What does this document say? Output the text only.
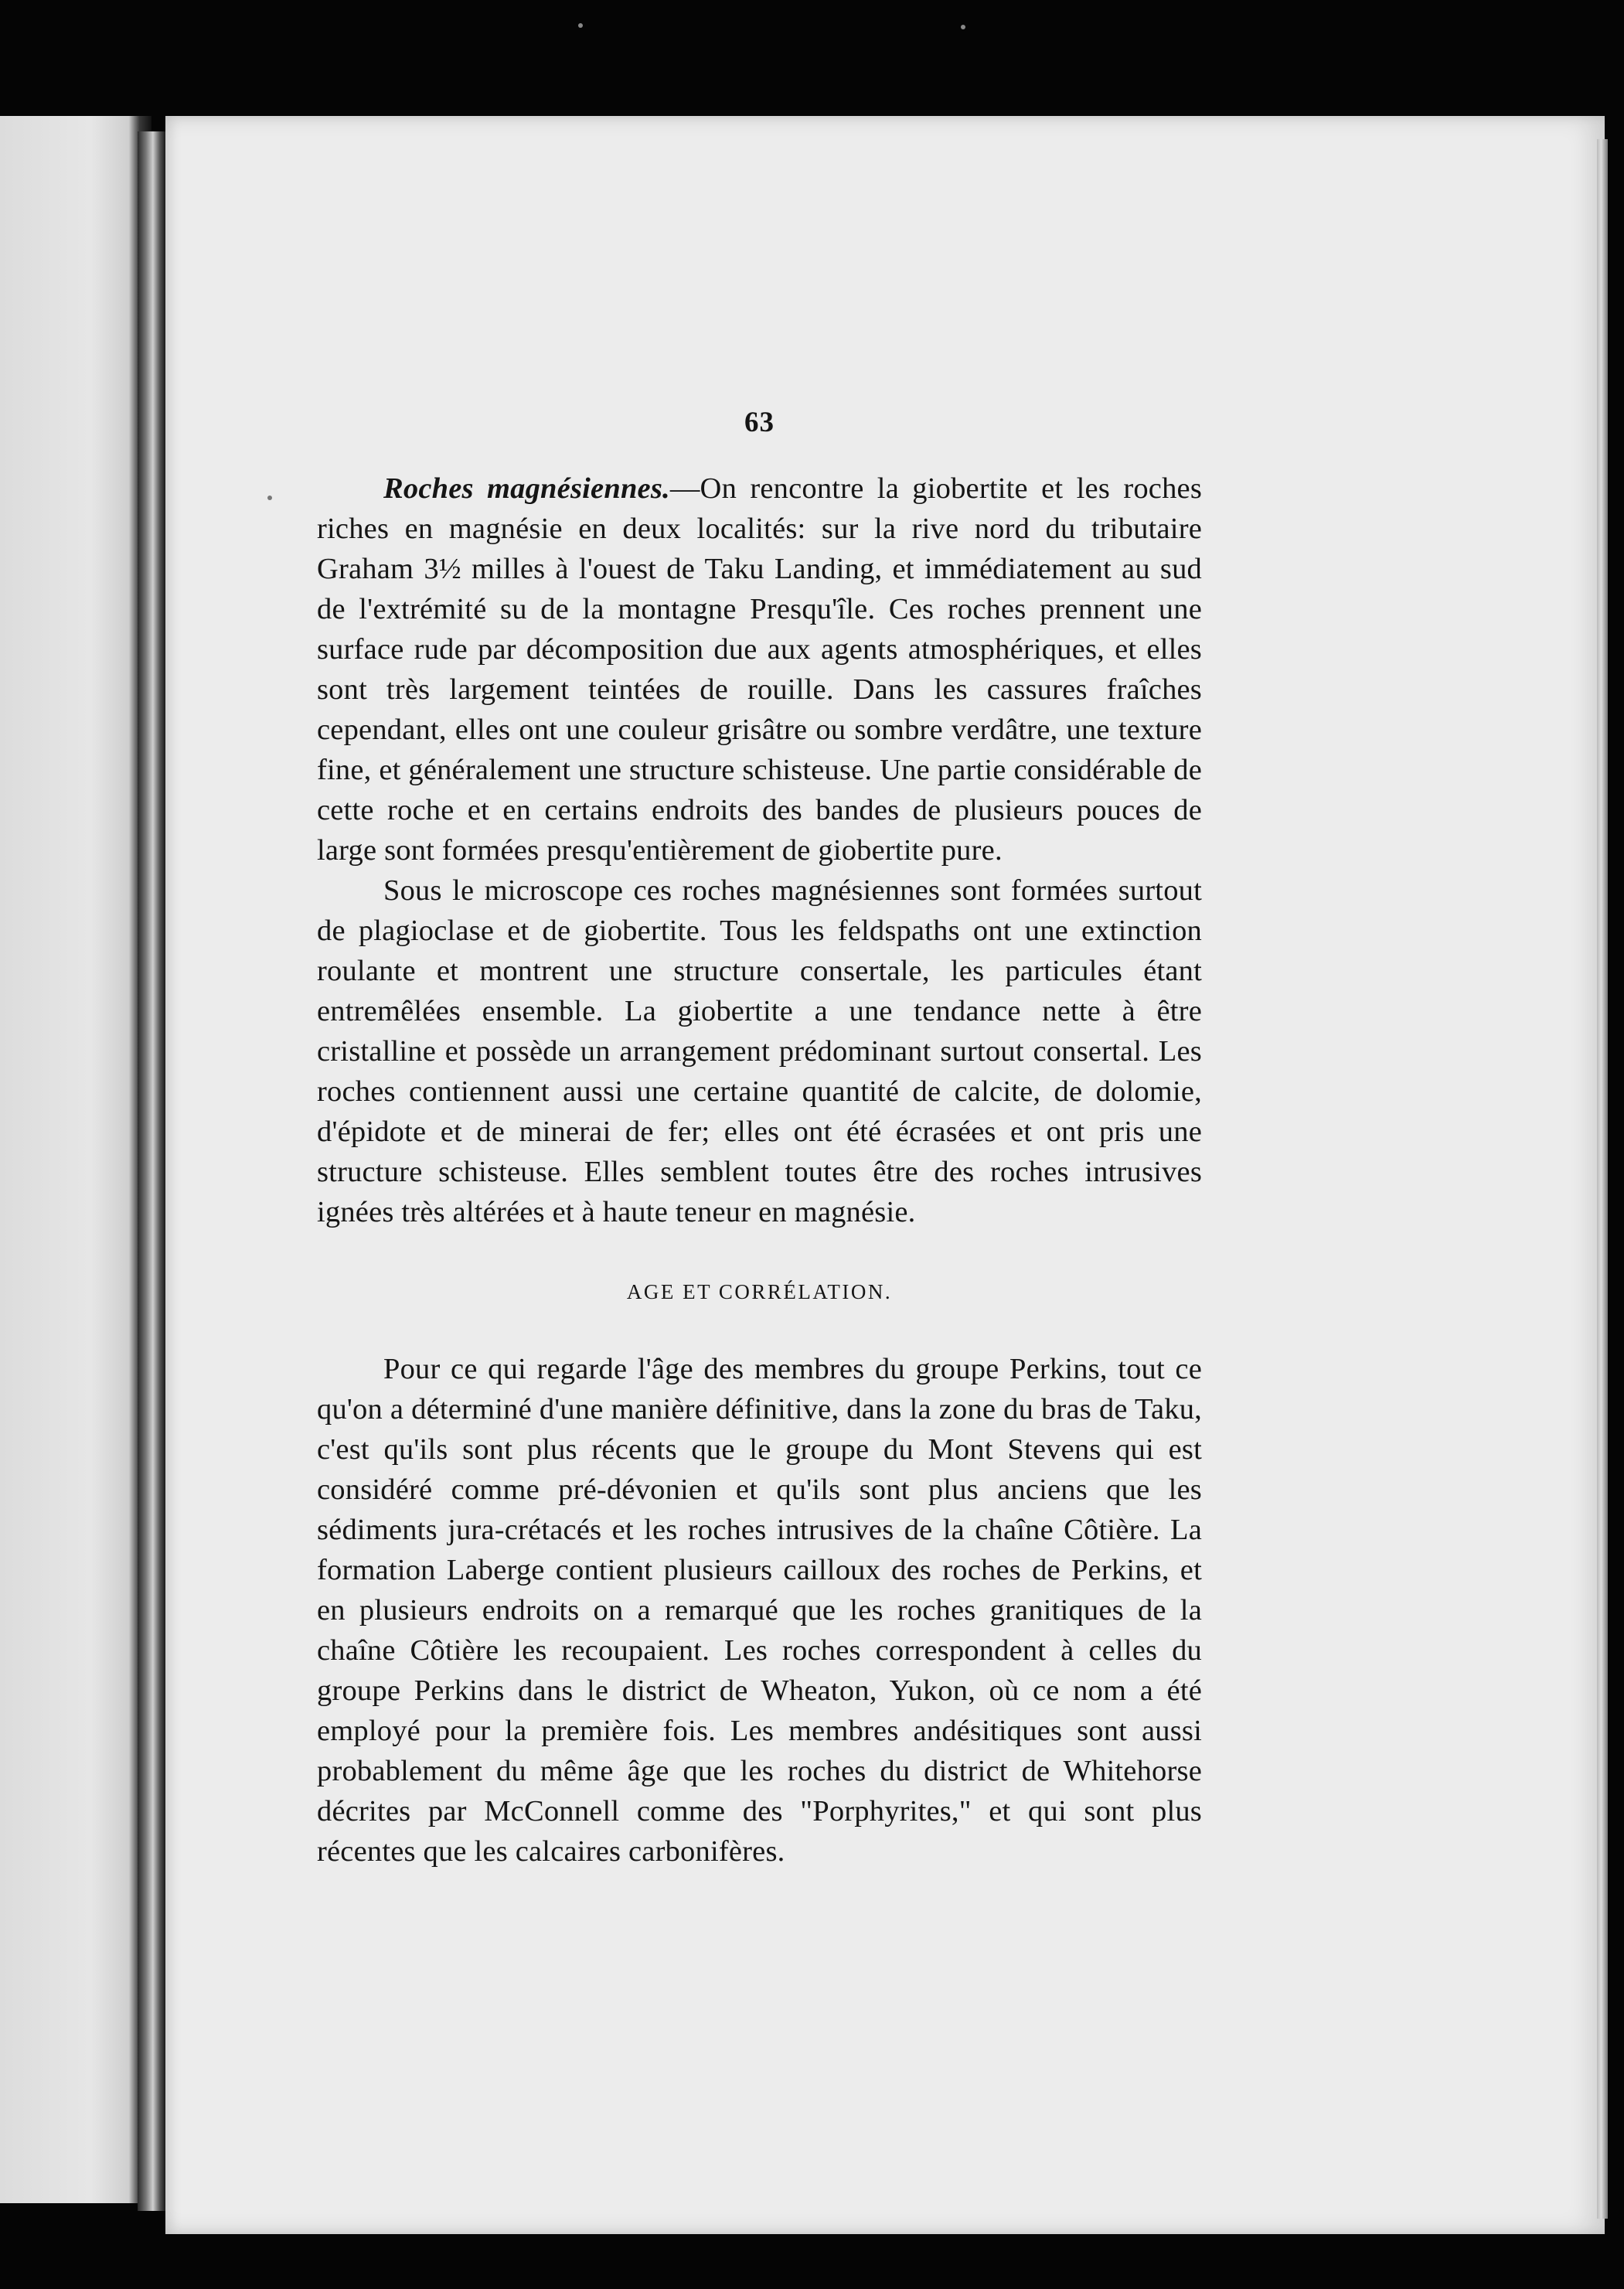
63

Roches magnésiennes.—On rencontre la giobertite et les roches riches en magnésie en deux localités: sur la rive nord du tributaire Graham 3½ milles à l'ouest de Taku Landing, et immédiatement au sud de l'extrémité su de la montagne Presqu'île. Ces roches prennent une surface rude par décomposition due aux agents atmosphériques, et elles sont très largement teintées de rouille. Dans les cassures fraîches cependant, elles ont une couleur grisâtre ou sombre verdâtre, une texture fine, et généralement une structure schisteuse. Une partie considérable de cette roche et en certains endroits des bandes de plusieurs pouces de large sont formées presqu'entièrement de giobertite pure.

Sous le microscope ces roches magnésiennes sont formées surtout de plagioclase et de giobertite. Tous les feldspaths ont une extinction roulante et montrent une structure consertale, les particules étant entremêlées ensemble. La giobertite a une tendance nette à être cristalline et possède un arrangement prédominant surtout consertal. Les roches contiennent aussi une certaine quantité de calcite, de dolomie, d'épidote et de minerai de fer; elles ont été écrasées et ont pris une structure schisteuse. Elles semblent toutes être des roches intrusives ignées très altérées et à haute teneur en magnésie.

AGE ET CORRÉLATION.

Pour ce qui regarde l'âge des membres du groupe Perkins, tout ce qu'on a déterminé d'une manière définitive, dans la zone du bras de Taku, c'est qu'ils sont plus récents que le groupe du Mont Stevens qui est considéré comme pré-dévonien et qu'ils sont plus anciens que les sédiments jura-crétacés et les roches intrusives de la chaîne Côtière. La formation Laberge contient plusieurs cailloux des roches de Perkins, et en plusieurs endroits on a remarqué que les roches granitiques de la chaîne Côtière les recoupaient. Les roches correspondent à celles du groupe Perkins dans le district de Wheaton, Yukon, où ce nom a été employé pour la première fois. Les membres andésitiques sont aussi probablement du même âge que les roches du district de Whitehorse décrites par McConnell comme des "Porphyrites," et qui sont plus récentes que les calcaires carbonifères.
